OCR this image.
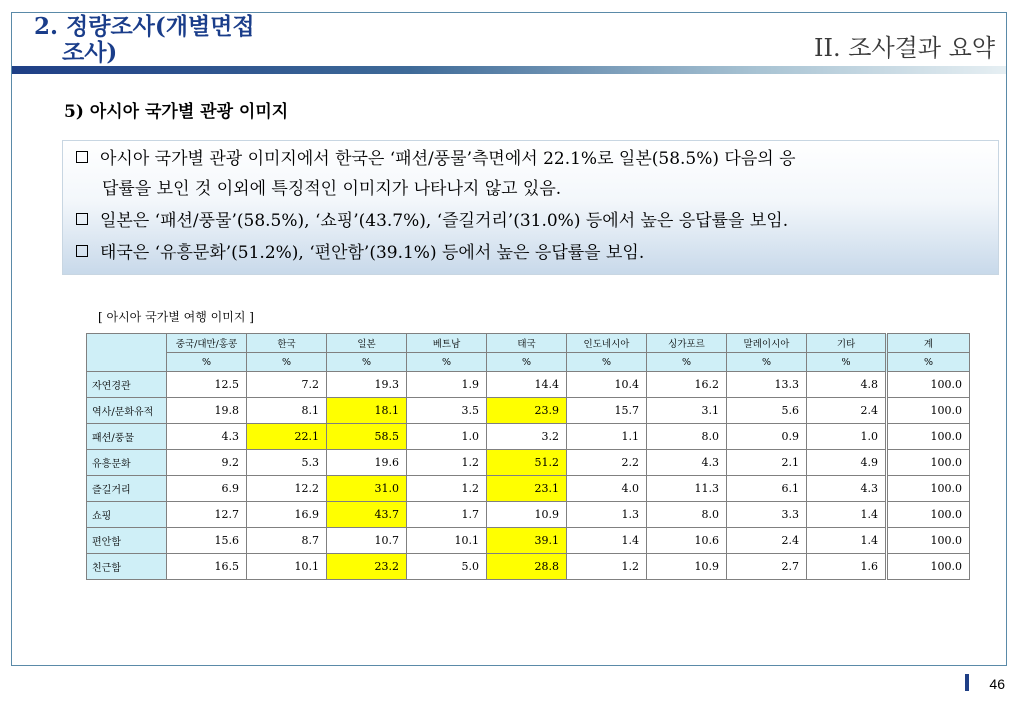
2. 정량조사(개별면접
조사)	II. 조사결과 요약
5) 아시아 국가별 관광 이미지
아시아 국가별 관광 이미지에서 한국은 ‘패션/풍물’측면에서 22.1%로 일본(58.5%) 다음의 응
답률을 보인 것 이외에 특징적인 이미지가 나타나지 않고 있음.
일본은 ‘패션/풍물’(58.5%), ‘쇼핑’(43.7%), ‘즐길거리’(31.0%) 등에서 높은 응답률을 보임.
태국은 ‘유흥문화’(51.2%), ‘편안함’(39.1%) 등에서 높은 응답률을 보임.
[ 아시아 국가별 여행 이미지 ]
	중국/대만/홍콩	한국	일본	베트남	태국	인도네시아	싱가포르	말레이시아	기타	계
	%	%	%	%	%	%	%	%	%	%
자연경관	12.5	7.2	19.3	1.9	14.4	10.4	16.2	13.3	4.8	100.0
역사/문화유적	19.8	8.1	18.1	3.5	23.9	15.7	3.1	5.6	2.4	100.0
패션/풍물	4.3	22.1	58.5	1.0	3.2	1.1	8.0	0.9	1.0	100.0
유흥문화	9.2	5.3	19.6	1.2	51.2	2.2	4.3	2.1	4.9	100.0
즐길거리	6.9	12.2	31.0	1.2	23.1	4.0	11.3	6.1	4.3	100.0
쇼핑	12.7	16.9	43.7	1.7	10.9	1.3	8.0	3.3	1.4	100.0
편안함	15.6	8.7	10.7	10.1	39.1	1.4	10.6	2.4	1.4	100.0
친근함	16.5	10.1	23.2	5.0	28.8	1.2	10.9	2.7	1.6	100.0
46
